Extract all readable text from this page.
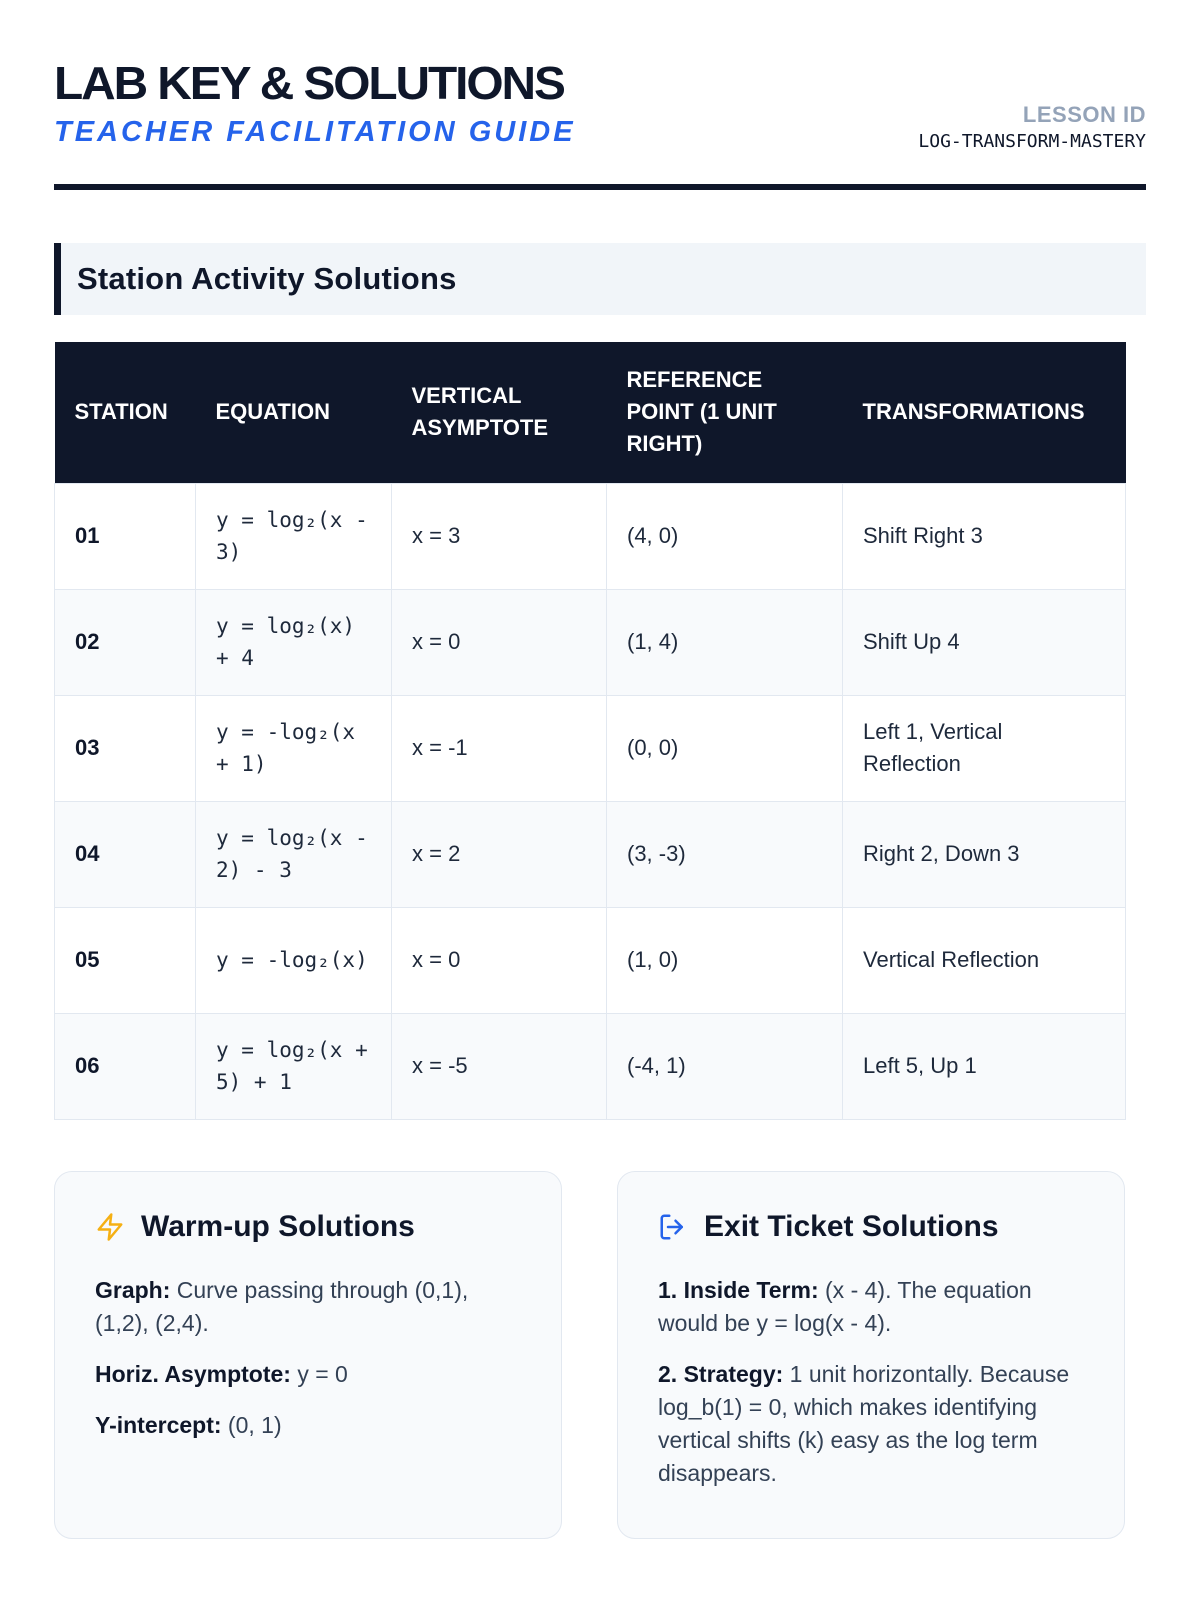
LAB KEY & SOLUTIONS
TEACHER FACILITATION GUIDE
LESSON ID
LOG-TRANSFORM-MASTERY
Station Activity Solutions
STATION	EQUATION	VERTICAL ASYMPTOTE	REFERENCE POINT (1 UNIT RIGHT)	TRANSFORMATIONS
01	y = log₂(x - 3)	x = 3	(4, 0)	Shift Right 3
02	y = log₂(x) + 4	x = 0	(1, 4)	Shift Up 4
03	y = -log₂(x + 1)	x = -1	(0, 0)	Left 1, Vertical Reflection
04	y = log₂(x - 2) - 3	x = 2	(3, -3)	Right 2, Down 3
05	y = -log₂(x)	x = 0	(1, 0)	Vertical Reflection
06	y = log₂(x + 5) + 1	x = -5	(-4, 1)	Left 5, Up 1
Warm-up Solutions

Graph: Curve passing through (0,1), (1,2), (2,4).

Horiz. Asymptote: y = 0

Y-intercept: (0, 1)

Exit Ticket Solutions

1. Inside Term: (x - 4). The equation would be y = log(x - 4).

2. Strategy: 1 unit horizontally. Because log_b(1) = 0, which makes identifying vertical shifts (k) easy as the log term disappears.
